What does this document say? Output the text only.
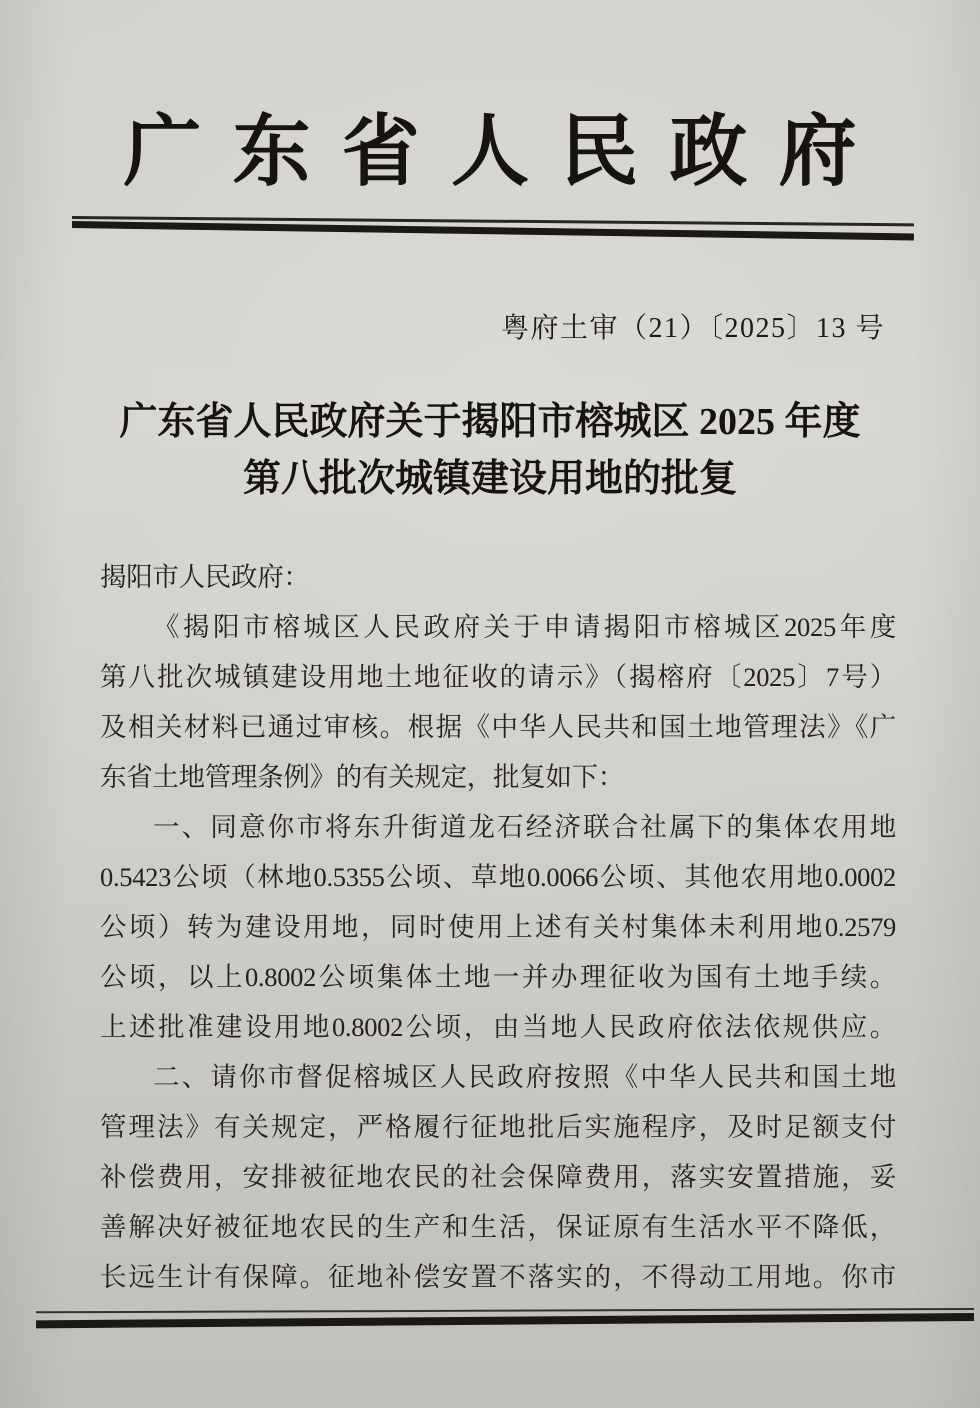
广东省人民政府
粤府土审（21）〔2025〕13 号
广东省人民政府关于揭阳市榕城区 2025 年度
第八批次城镇建设用地的批复
揭阳市人民政府：
《揭阳市榕城区人民政府关于申请揭阳市榕城区2025年度
第八批次城镇建设用地土地征收的请示》（揭榕府〔2025〕7号）
及相关材料已通过审核。根据《中华人民共和国土地管理法》《广
东省土地管理条例》的有关规定，批复如下：
一、同意你市将东升街道龙石经济联合社属下的集体农用地
0.5423公顷（林地0.5355公顷、草地0.0066公顷、其他农用地0.0002
公顷）转为建设用地，同时使用上述有关村集体未利用地0.2579
公顷，以上0.8002公顷集体土地一并办理征收为国有土地手续。
上述批准建设用地0.8002公顷，由当地人民政府依法依规供应。
二、请你市督促榕城区人民政府按照《中华人民共和国土地
管理法》有关规定，严格履行征地批后实施程序，及时足额支付
补偿费用，安排被征地农民的社会保障费用，落实安置措施，妥
善解决好被征地农民的生产和生活，保证原有生活水平不降低，
长远生计有保障。征地补偿安置不落实的，不得动工用地。你市
